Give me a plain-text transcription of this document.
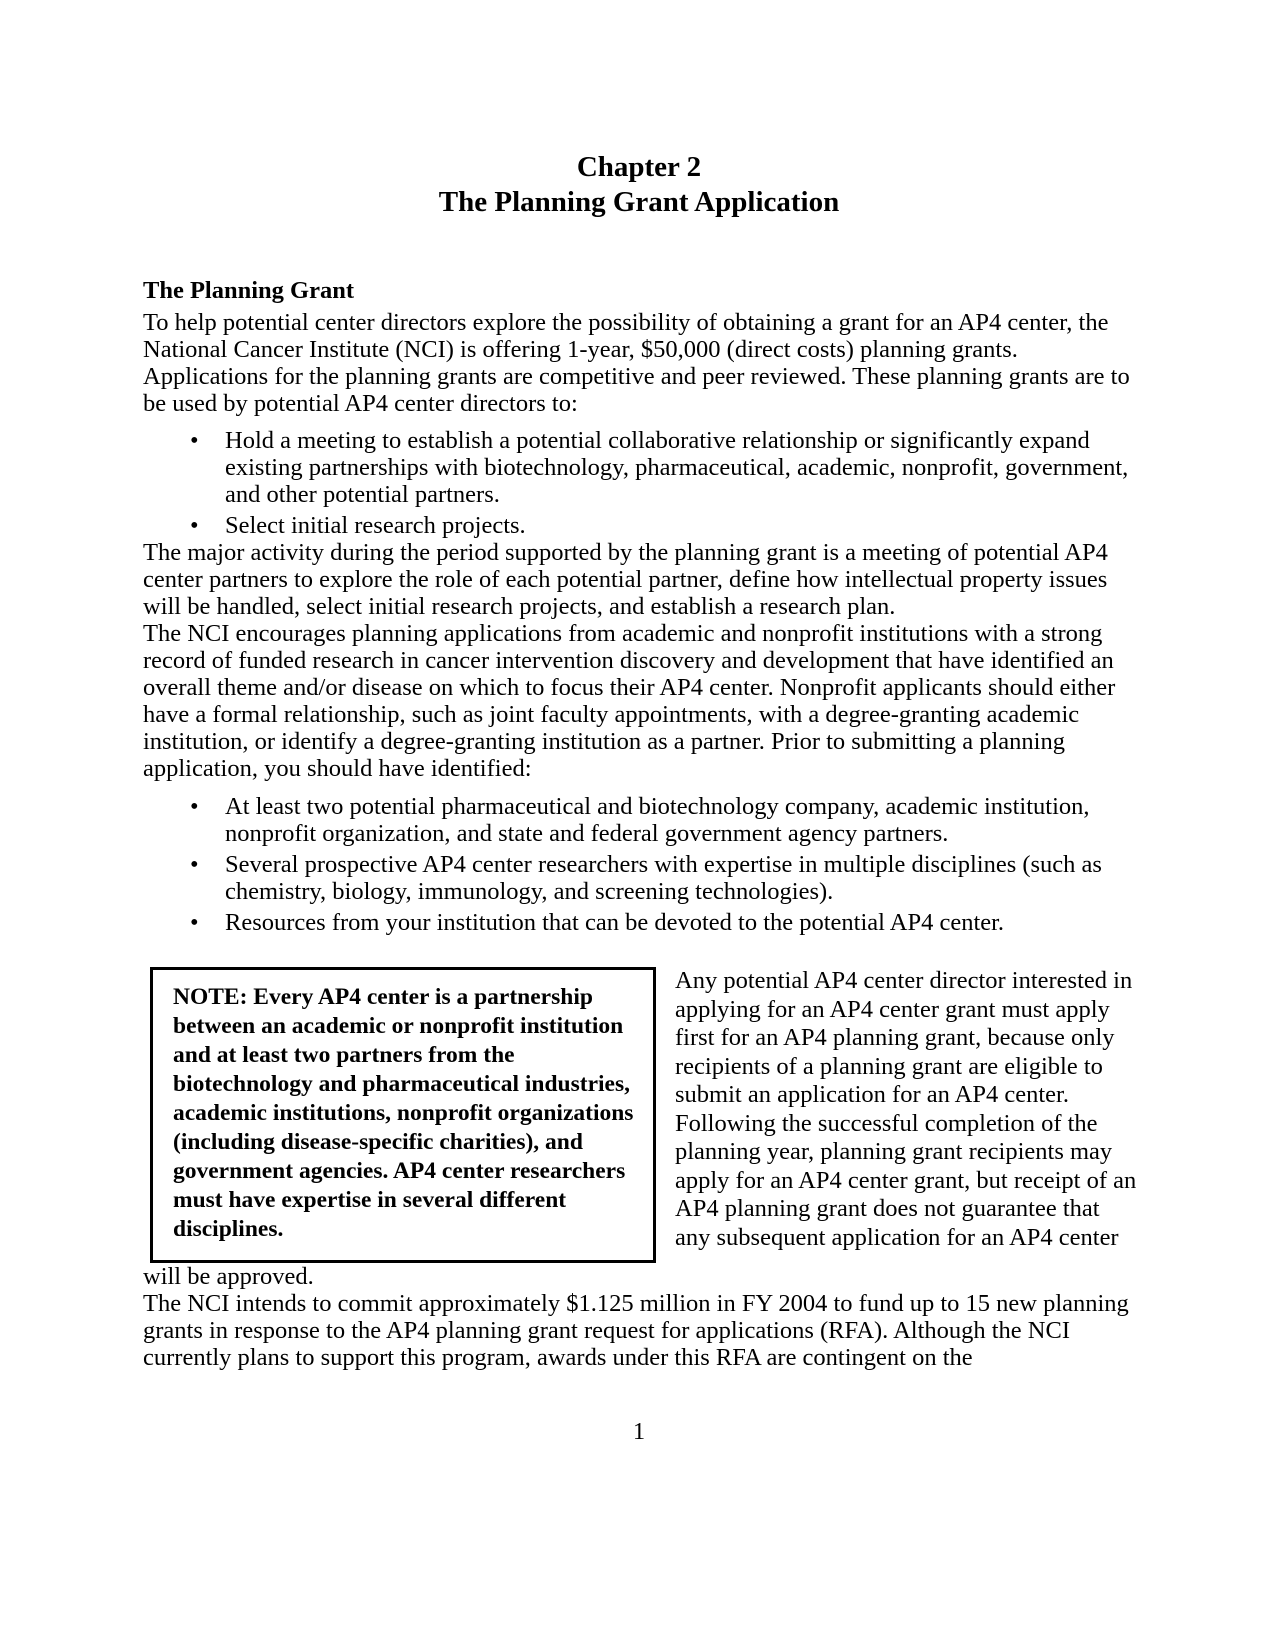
Chapter 2
The Planning Grant Application
The Planning Grant

To help potential center directors explore the possibility of obtaining a grant for an AP4 center, the National Cancer Institute (NCI) is offering 1-year, $50,000 (direct costs) planning grants. Applications for the planning grants are competitive and peer reviewed. These planning grants are to be used by potential AP4 center directors to:

• Hold a meeting to establish a potential collaborative relationship or significantly expand existing partnerships with biotechnology, pharmaceutical, academic, nonprofit, government, and other potential partners.
• Select initial research projects.

The major activity during the period supported by the planning grant is a meeting of potential AP4 center partners to explore the role of each potential partner, define how intellectual property issues will be handled, select initial research projects, and establish a research plan.

The NCI encourages planning applications from academic and nonprofit institutions with a strong record of funded research in cancer intervention discovery and development that have identified an overall theme and/or disease on which to focus their AP4 center. Nonprofit applicants should either have a formal relationship, such as joint faculty appointments, with a degree-granting academic institution, or identify a degree-granting institution as a partner. Prior to submitting a planning application, you should have identified:

• At least two potential pharmaceutical and biotechnology company, academic institution, nonprofit organization, and state and federal government agency partners.
• Several prospective AP4 center researchers with expertise in multiple disciplines (such as chemistry, biology, immunology, and screening technologies).
• Resources from your institution that can be devoted to the potential AP4 center.
NOTE: Every AP4 center is a partnership between an academic or nonprofit institution and at least two partners from the biotechnology and pharmaceutical industries, academic institutions, nonprofit organizations (including disease-specific charities), and government agencies. AP4 center researchers must have expertise in several different disciplines.
Any potential AP4 center director interested in applying for an AP4 center grant must apply first for an AP4 planning grant, because only recipients of a planning grant are eligible to submit an application for an AP4 center. Following the successful completion of the planning year, planning grant recipients may apply for an AP4 center grant, but receipt of an AP4 planning grant does not guarantee that any subsequent application for an AP4 center

will be approved.

The NCI intends to commit approximately $1.125 million in FY 2004 to fund up to 15 new planning grants in response to the AP4 planning grant request for applications (RFA). Although the NCI currently plans to support this program, awards under this RFA are contingent on the

1
